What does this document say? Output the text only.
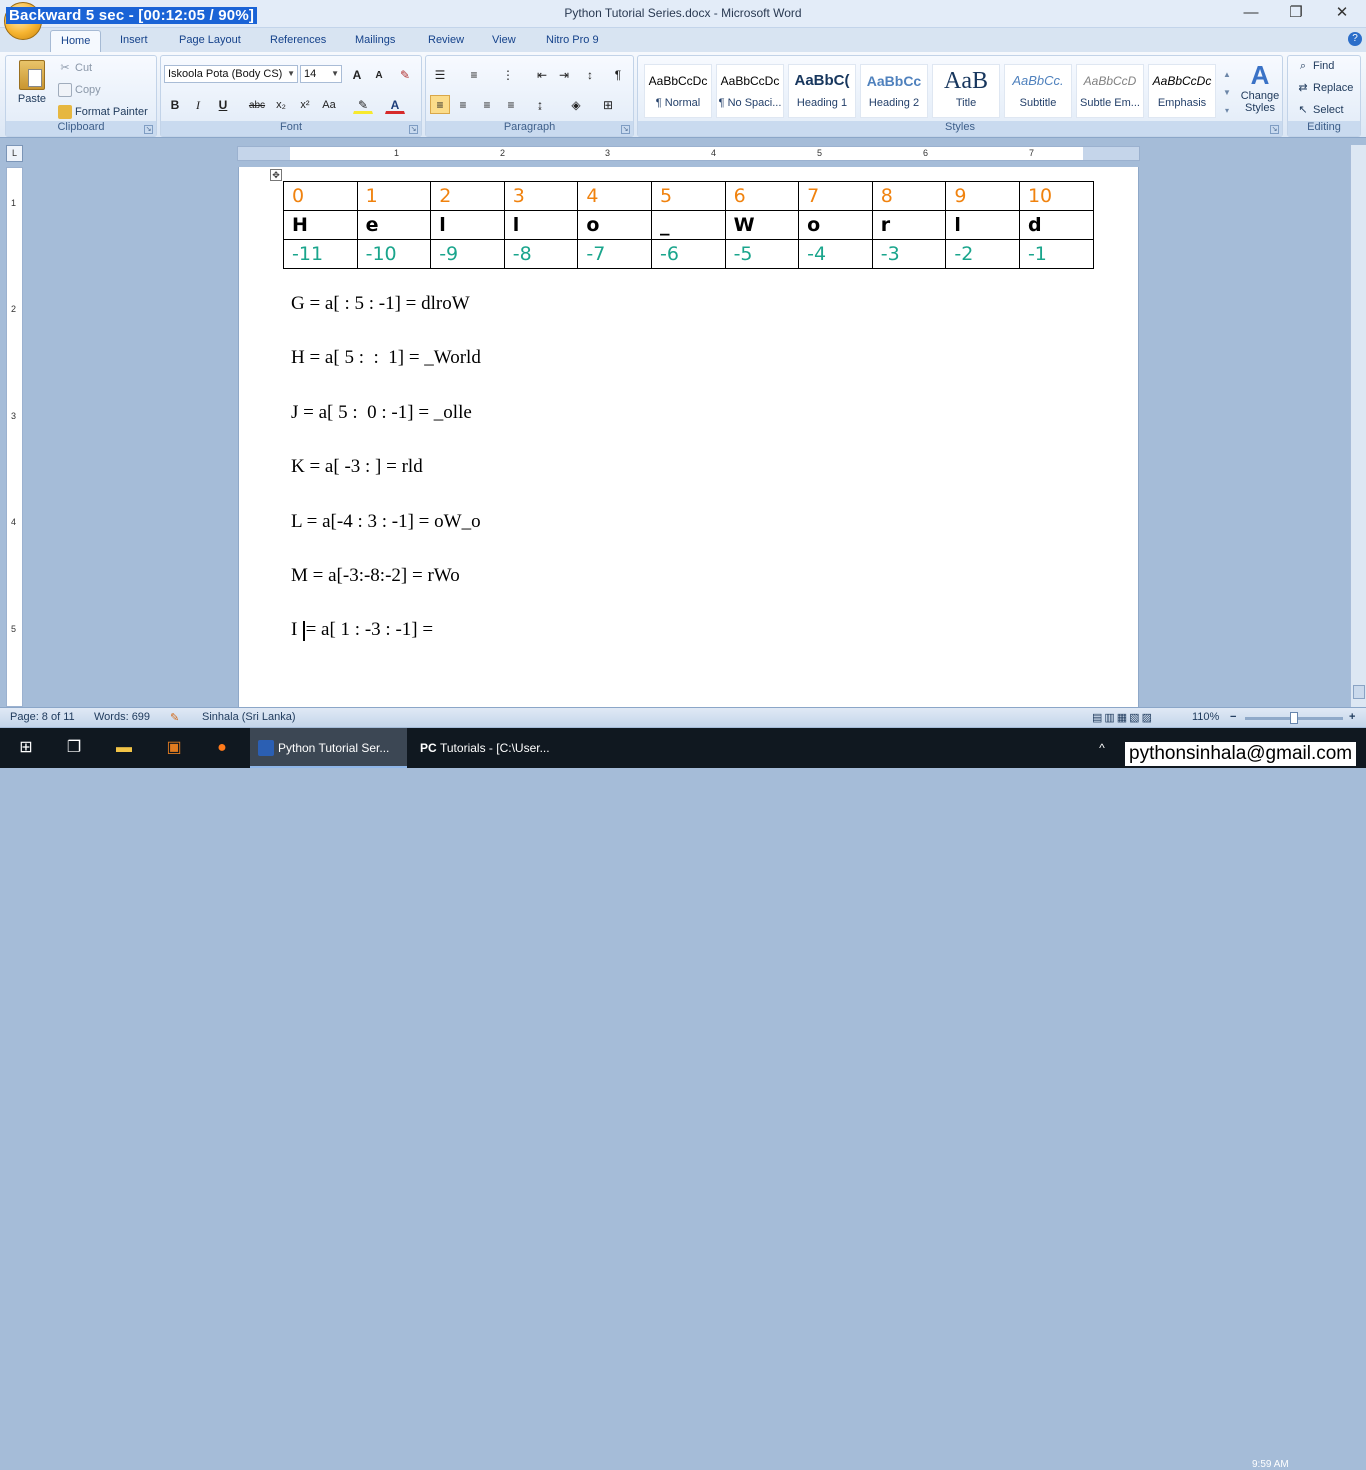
Backward 5 sec - [00:12:05 / 90%]	Python Tutorial Series.docx - Microsoft Word	—	❐	✕
Home	Insert	Page Layout	References	Mailings	Review	View	Nitro Pro 9	?
Paste
✂ Cut
Copy
Format Painter
Clipboard	↘
Iskoola Pota (Body CS) ▼ 14 ▼	A	A	✎
B	I	U	abc	x₂	x²	Aa	✎	A
Font	↘
☰	≡	⋮	⇤ ⇥	↕	¶
≡	≡	≡	≡	↨	◈	⊞
Paragraph	↘
AaBbCcDc
¶ Normal
AaBbCcDc
¶ No Spaci...
AaBbC(
Heading 1
AaBbCc
Heading 2
AaB
Title
AaBbCc.
Subtitle
AaBbCcD
Subtle Em...
AaBbCcDc
Emphasis
▲
▼
▾
A
Change Styles
Styles	↘
⌕ Find
⇄ Replace
↖ Select
Editing
L	1	2	3	4	5	6	7
1
2
3
4
5
✥
0	1	2	3	4	5	6	7	8	9	10
H	e	l	l	o	_	W	o	r	l	d
-11	-10	-9	-8	-7	-6	-5	-4	-3	-2	-1
G = a[ : 5 : -1] = dlroW
H = a[ 5 :  :  1] = _World
J = a[ 5 :  0 : -1] = _olle
K = a[ -3 : ] = rld
L = a[-4 : 3 : -1] = oW_o
M = a[-3:-8:-2] = rWo
I = a[ 1 : -3 : -1] =
Page: 8 of 11 Words: 699 ✎ Sinhala (Sri Lanka)	▤▥▦▧▨	110% −	+
⊞	❐	▬	▣	●	Python Tutorial Ser...	PC Tutorials - [C:\User...	^
9:59 AM
pythonsinhala@gmail.com
